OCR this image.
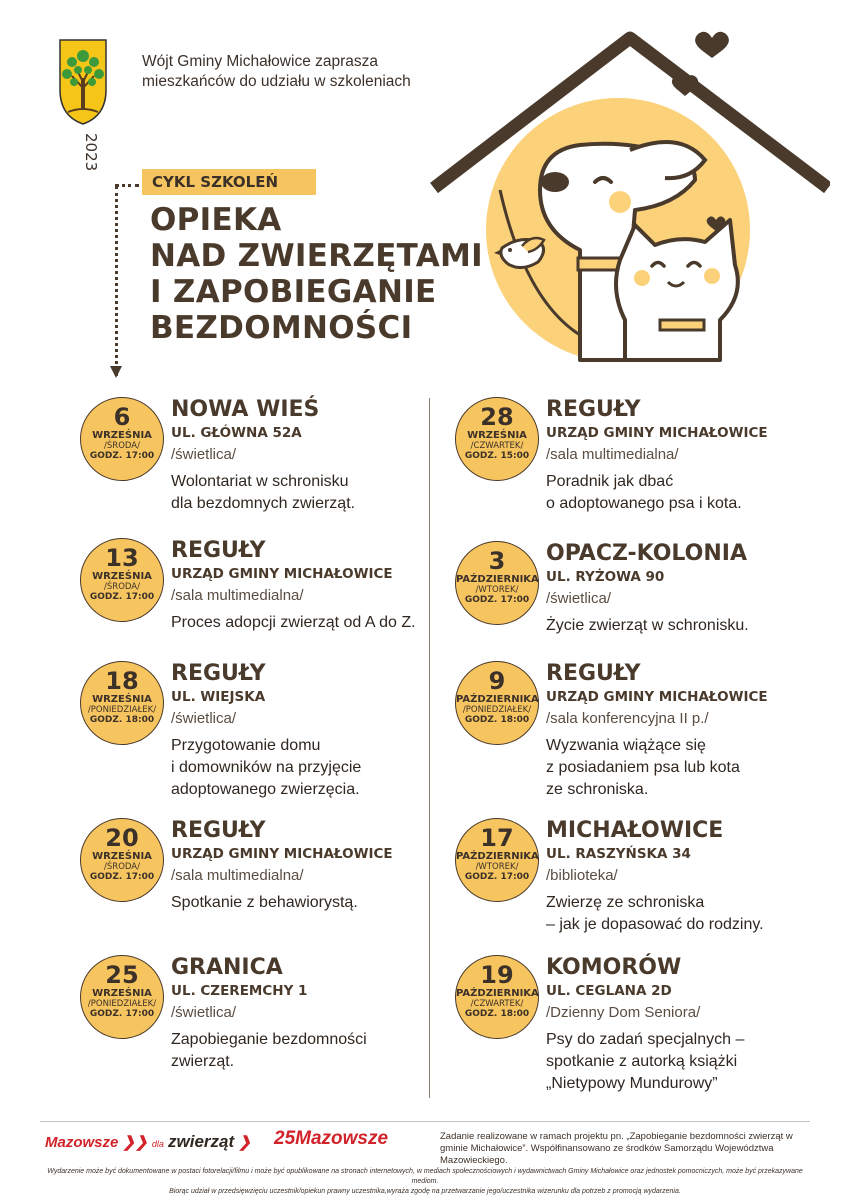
Wójt Gminy Michałowice zaprasza
mieszkańców do udziału w szkoleniach
2023
CYKL SZKOLEŃ
OPIEKA
NAD ZWIERZĘTAMI
I ZAPOBIEGANIE
BEZDOMNOŚCI
6
WRZEŚNIA
/ŚRODA/
GODZ. 17:00
NOWA WIEŚ
UL. GŁÓWNA 52A
/świetlica/
Wolontariat w schronisku
dla bezdomnych zwierząt.
13
WRZEŚNIA
/ŚRODA/
GODZ. 17:00
REGUŁY
URZĄD GMINY MICHAŁOWICE
/sala multimedialna/
Proces adopcji zwierząt od A do Z.
18
WRZEŚNIA
/PONIEDZIAŁEK/
GODZ. 18:00
REGUŁY
UL. WIEJSKA
/świetlica/
Przygotowanie domu
i domowników na przyjęcie
adoptowanego zwierzęcia.
20
WRZEŚNIA
/ŚRODA/
GODZ. 17:00
REGUŁY
URZĄD GMINY MICHAŁOWICE
/sala multimedialna/
Spotkanie z behawiorystą.
25
WRZEŚNIA
/PONIEDZIAŁEK/
GODZ. 17:00
GRANICA
UL. CZEREMCHY 1
/świetlica/
Zapobieganie bezdomności
zwierząt.
28
WRZEŚNIA
/CZWARTEK/
GODZ. 15:00
REGUŁY
URZĄD GMINY MICHAŁOWICE
/sala multimedialna/
Poradnik jak dbać
o adoptowanego psa i kota.
3
PAŹDZIERNIKA
/WTOREK/
GODZ. 17:00
OPACZ-KOLONIA
UL. RYŻOWA 90
/świetlica/
Życie zwierząt w schronisku.
9
PAŹDZIERNIKA
/PONIEDZIAŁEK/
GODZ. 18:00
REGUŁY
URZĄD GMINY MICHAŁOWICE
/sala konferencyjna II p./
Wyzwania wiążące się
z posiadaniem psa lub kota
ze schroniska.
17
PAŹDZIERNIKA
/WTOREK/
GODZ. 17:00
MICHAŁOWICE
UL. RASZYŃSKA 34
/biblioteka/
Zwierzę ze schroniska
– jak je dopasować do rodziny.
19
PAŹDZIERNIKA
/CZWARTEK/
GODZ. 18:00
KOMORÓW
UL. CEGLANA 2D
/Dzienny Dom Seniora/
Psy do zadań specjalnych –
spotkanie z autorką książki
„Nietypowy Mundurowy”
Mazowsze ❯❯ dla zwierząt ❯ 25Mazowsze	Zadanie realizowane w ramach projektu pn. „Zapobieganie bezdomności zwierząt w gminie Michałowice”. Współfinansowano ze środków Samorządu Województwa Mazowieckiego.
Wydarzenie może być dokumentowane w postaci fotorelacji/filmu i może być opublikowane na stronach internetowych, w mediach społecznościowych i wydawnictwach Gminy Michałowice oraz jednostek pomocniczych, może być przekazywane mediom.
Biorąc udział w przedsięwzięciu uczestnik/opiekun prawny uczestnika,wyraża zgodę na przetwarzanie jego/uczestnika wizerunku dla potrzeb z promocją wydarzenia.
